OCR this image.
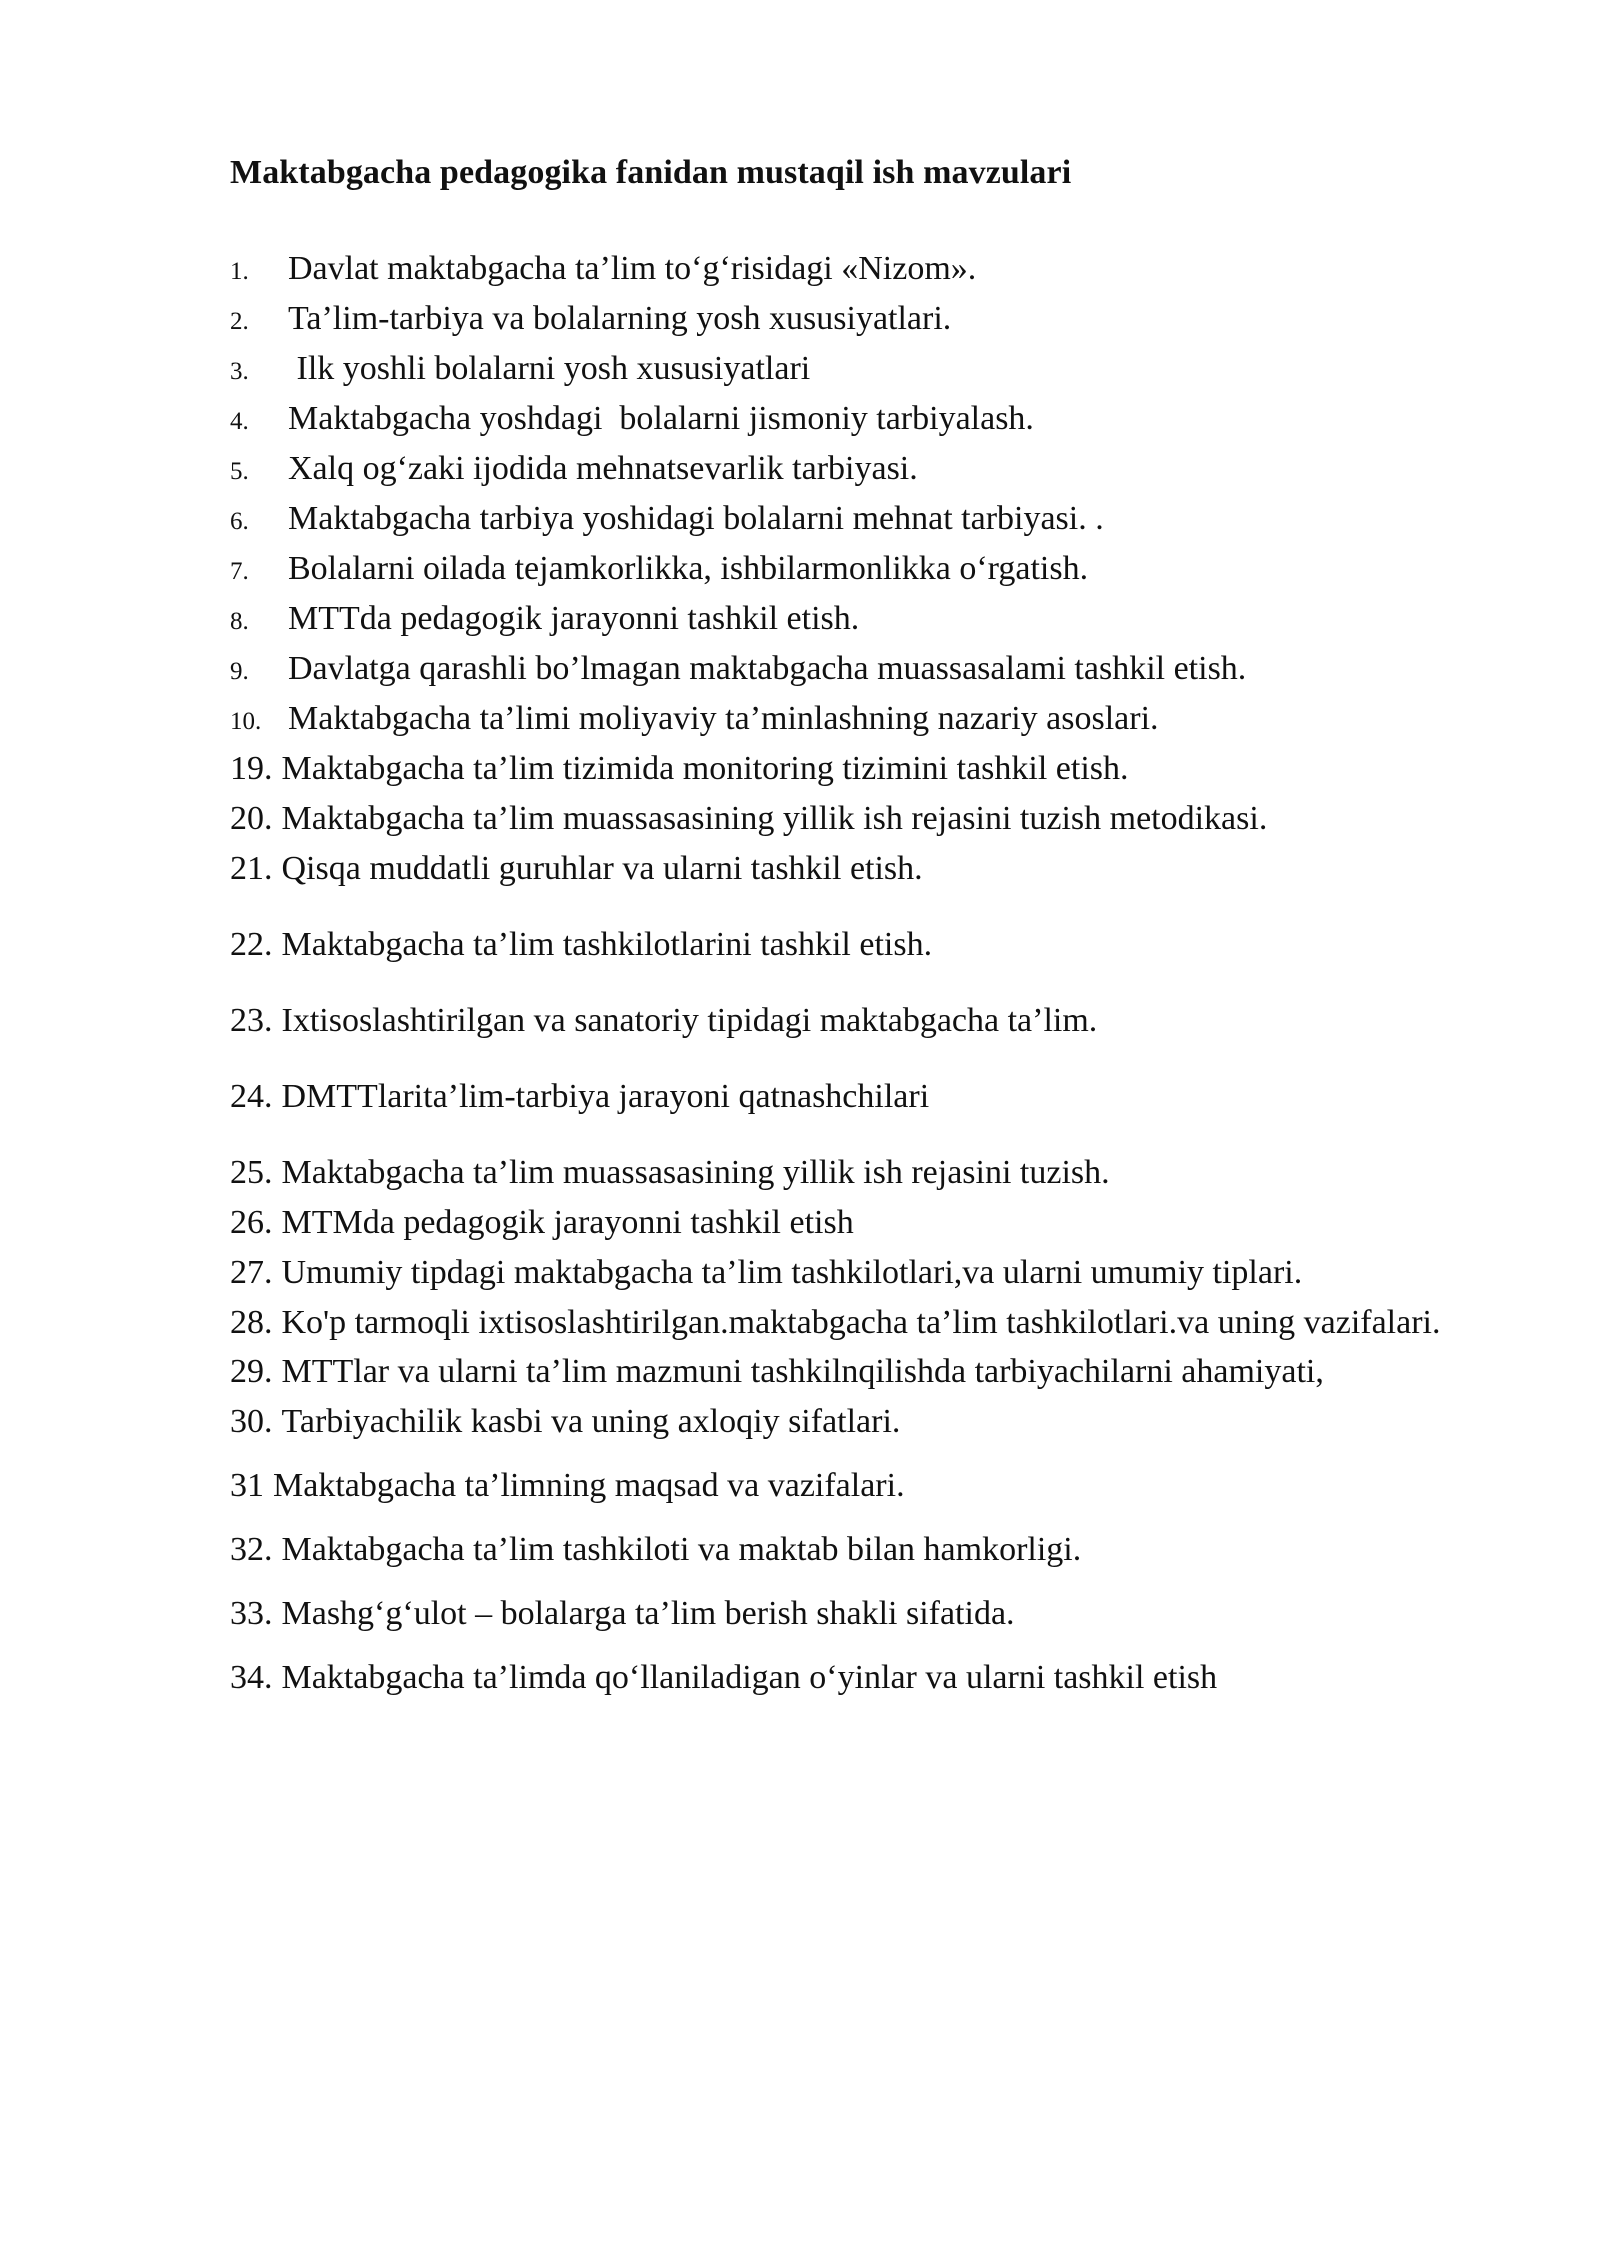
Maktabgacha pedagogika fanidan mustaqil ish mavzulari
1.	Davlat maktabgacha ta’lim to‘g‘risidagi «Nizom».
2.	Ta’lim-tarbiya va bolalarning yosh xususiyatlari.
3.	Ilk yoshli bolalarni yosh xususiyatlari
4.	Maktabgacha yoshdagi  bolalarni jismoniy tarbiyalash.
5.	Xalq og‘zaki ijodida mehnatsevarlik tarbiyasi.
6.	Maktabgacha tarbiya yoshidagi bolalarni mehnat tarbiyasi. .
7.	Bolalarni oilada tejamkorlikka, ishbilarmonlikka o‘rgatish.
8.	MTTda pedagogik jarayonni tashkil etish.
9.	Davlatga qarashli bo’lmagan maktabgacha muassasalami tashkil etish.
10. Maktabgacha ta’limi moliyaviy ta’minlashning nazariy asoslari.
19. Maktabgacha ta’lim tizimida monitoring tizimini tashkil etish.
20. Maktabgacha ta’lim muassasasining yillik ish rejasini tuzish metodikasi.
21. Qisqa muddatli guruhlar va ularni tashkil etish.
22. Maktabgacha ta’lim tashkilotlarini tashkil etish.
23. Ixtisoslashtirilgan va sanatoriy tipidagi maktabgacha ta’lim.
24. DMTTlarita’lim-tarbiya jarayoni qatnashchilari
25. Maktabgacha ta’lim muassasasining yillik ish rejasini tuzish.
26. MTMda pedagogik jarayonni tashkil etish
27. Umumiy tipdagi maktabgacha ta’lim tashkilotlari,va ularni umumiy tiplari.
28. Ko'p tarmoqli ixtisoslashtirilgan.maktabgacha ta’lim tashkilotlari.va uning vazifalari.
29. MTTlar va ularni ta’lim mazmuni tashkilnqilishda tarbiyachilarni ahamiyati,
30. Tarbiyachilik kasbi va uning axloqiy sifatlari.
31 Maktabgacha ta’limning maqsad va vazifalari.
32. Maktabgacha ta’lim tashkiloti va maktab bilan hamkorligi.
33. Mashg‘g‘ulot – bolalarga ta’lim berish shakli sifatida.
34. Maktabgacha ta’limda qo‘llaniladigan o‘yinlar va ularni tashkil etish
